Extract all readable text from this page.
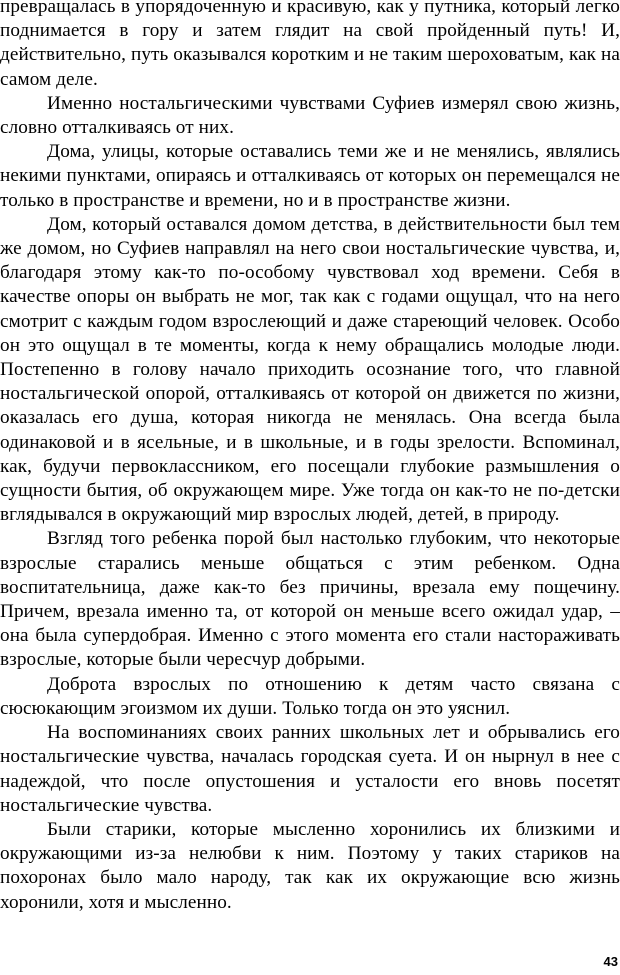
превращалась в упорядоченную и красивую, как у путника, который легко поднимается в гору и затем глядит на свой пройденный путь! И, действительно, путь оказывался коротким и не таким шероховатым, как на самом деле.

Именно ностальгическими чувствами Суфиев измерял свою жизнь, словно отталкиваясь от них.

Дома, улицы, которые оставались теми же и не менялись, являлись некими пунктами, опираясь и отталкиваясь от которых он перемещался не только в пространстве и времени, но и в пространстве жизни.

Дом, который оставался домом детства, в действительности был тем же домом, но Суфиев направлял на него свои ностальгические чувства, и, благодаря этому как-то по-особому чувствовал ход времени. Себя в качестве опоры он выбрать не мог, так как с годами ощущал, что на него смотрит с каждым годом взрослеющий и даже стареющий человек. Особо он это ощущал в те моменты, когда к нему обращались молодые люди. Постепенно в голову начало приходить осознание того, что главной ностальгической опорой, отталкиваясь от которой он движется по жизни, оказалась его душа, которая никогда не менялась. Она всегда была одинаковой и в ясельные, и в школьные, и в годы зрелости. Вспоминал, как, будучи первоклассником, его посещали глубокие размышления о сущности бытия, об окружающем мире. Уже тогда он как-то не по-детски вглядывался в окружающий мир взрослых людей, детей, в природу.

Взгляд того ребенка порой был настолько глубоким, что некоторые взрослые старались меньше общаться с этим ребенком. Одна воспитательница, даже как-то без причины, врезала ему пощечину. Причем, врезала именно та, от которой он меньше всего ожидал удар, – она была супердобрая. Именно с этого момента его стали настораживать взрослые, которые были чересчур добрыми.

Доброта взрослых по отношению к детям часто связана с сюсюкающим эгоизмом их души. Только тогда он это уяснил.

На воспоминаниях своих ранних школьных лет и обрывались его ностальгические чувства, началась городская суета. И он нырнул в нее с надеждой, что после опустошения и усталости его вновь посетят ностальгические чувства.

Были старики, которые мысленно хоронились их близкими и окружающими из-за нелюбви к ним. Поэтому у таких стариков на похоронах было мало народу, так как их окружающие всю жизнь хоронили, хотя и мысленно.

43
